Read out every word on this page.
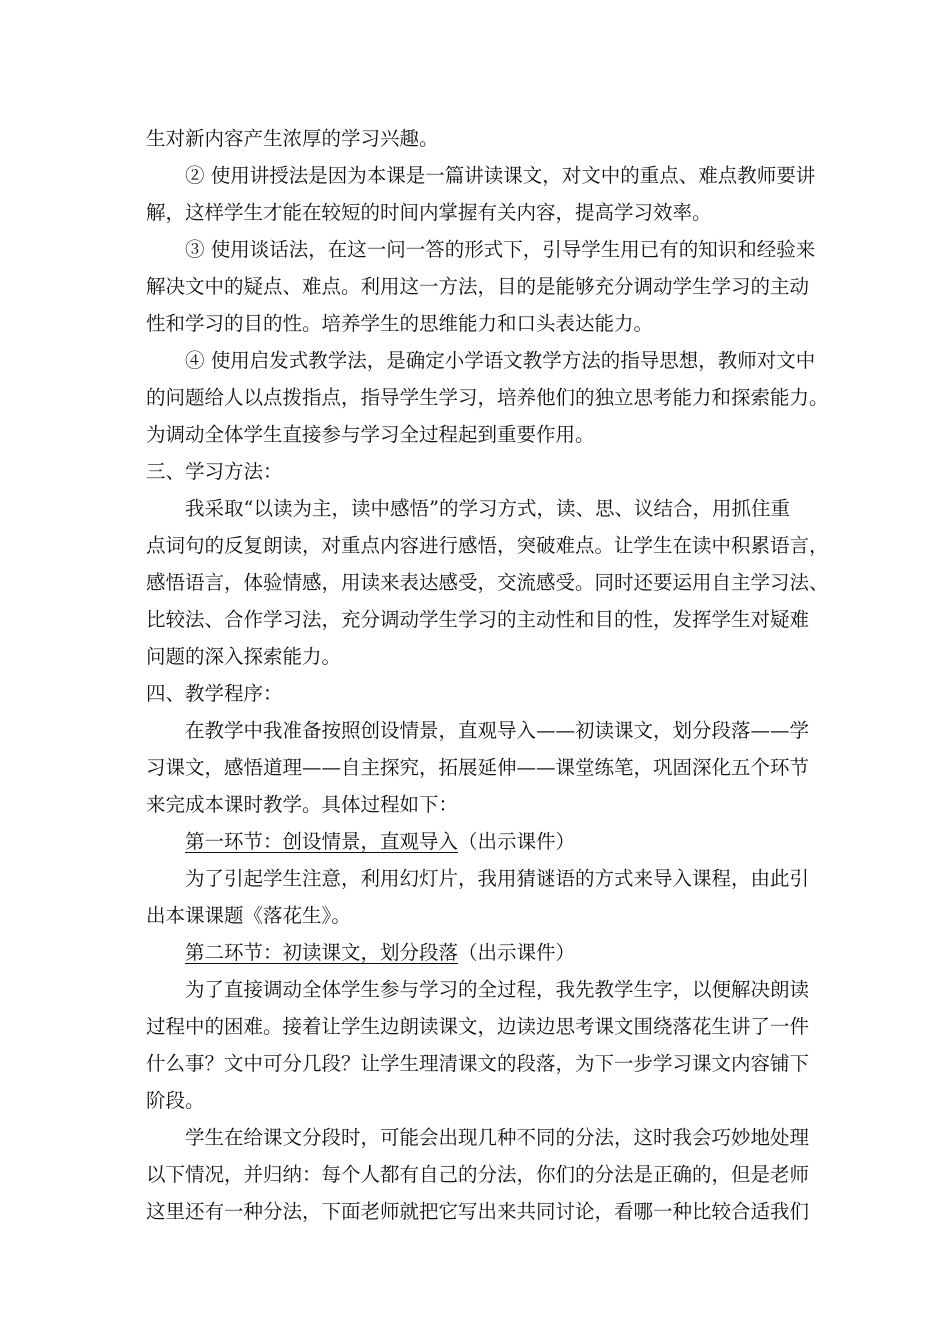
生对新内容产生浓厚的学习兴趣。
② 使用讲授法是因为本课是一篇讲读课文，对文中的重点、难点教师要讲
解，这样学生才能在较短的时间内掌握有关内容，提高学习效率。
③ 使用谈话法，在这一问一答的形式下，引导学生用已有的知识和经验来
解决文中的疑点、难点。利用这一方法，目的是能够充分调动学生学习的主动
性和学习的目的性。培养学生的思维能力和口头表达能力。
④ 使用启发式教学法，是确定小学语文教学方法的指导思想，教师对文中
的问题给人以点拨指点，指导学生学习，培养他们的独立思考能力和探索能力。
为调动全体学生直接参与学习全过程起到重要作用。
三、学习方法：
我采取“以读为主，读中感悟”的学习方式，读、思、议结合，用抓住重
点词句的反复朗读，对重点内容进行感悟，突破难点。让学生在读中积累语言，
感悟语言，体验情感，用读来表达感受，交流感受。同时还要运用自主学习法、
比较法、合作学习法，充分调动学生学习的主动性和目的性，发挥学生对疑难
问题的深入探索能力。
四、教学程序：
在教学中我准备按照创设情景，直观导入——初读课文，划分段落——学
习课文，感悟道理——自主探究，拓展延伸——课堂练笔，巩固深化五个环节
来完成本课时教学。具体过程如下：
第一环节：创设情景，直观导入（出示课件）
为了引起学生注意，利用幻灯片，我用猜谜语的方式来导入课程，由此引
出本课课题《落花生》。
第二环节：初读课文，划分段落（出示课件）
为了直接调动全体学生参与学习的全过程，我先教学生字，以便解决朗读
过程中的困难。接着让学生边朗读课文，边读边思考课文围绕落花生讲了一件
什么事？文中可分几段？让学生理清课文的段落，为下一步学习课文内容铺下
阶段。
学生在给课文分段时，可能会出现几种不同的分法，这时我会巧妙地处理
以下情况，并归纳：每个人都有自己的分法，你们的分法是正确的，但是老师
这里还有一种分法，下面老师就把它写出来共同讨论，看哪一种比较合适我们
